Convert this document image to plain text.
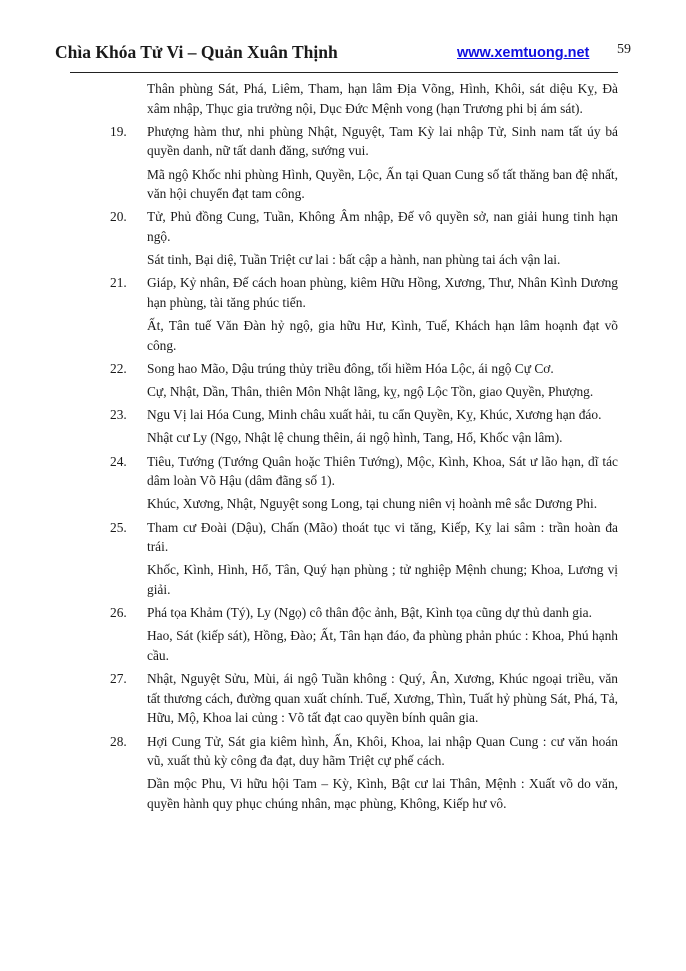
Chìa Khóa Tử Vi – Quản Xuân Thịnh	www.xemtuong.net 59

Thân phùng Sát, Phá, Liêm, Tham, hạn lâm Địa Võng, Hình, Khôi, sát diệu Kỵ, Đà xâm nhập, Thục gia trưởng nội, Dục Đức Mệnh vong (hạn Trương phi bị ám sát).

19. Phượng hàm thư, nhi phùng Nhật, Nguyệt, Tam Kỳ lai nhập Tử, Sinh nam tất úy bá quyền danh, nữ tất danh đăng, sướng vui.

Mã ngộ Khốc nhi phùng Hình, Quyền, Lộc, Ấn tại Quan Cung số tất thăng ban đệ nhất, văn hội chuyển đạt tam công.

20. Tử, Phủ đồng Cung, Tuần, Không Âm nhập, Đế vô quyền sở, nan giải hung tinh hạn ngộ.

Sát tinh, Bại diệ, Tuần Triệt cư lai : bất cập a hành, nan phùng tai ách vận lai.

21. Giáp, Kỷ nhân, Đế cách hoan phùng, kiêm Hữu Hồng, Xương, Thư, Nhân Kình Dương hạn phùng, tài tăng phúc tiến.

Ất, Tân tuế Văn Đàn hỷ ngộ, gia hữu Hư, Kình, Tuế, Khách hạn lâm hoạnh đạt võ công.

22. Song hao Mão, Dậu trúng thủy triều đông, tối hiềm Hóa Lộc, ái ngộ Cự Cơ.

Cự, Nhật, Dần, Thân, thiên Môn Nhật lãng, kỵ, ngộ Lộc Tồn, giao Quyền, Phượng.

23. Ngu Vị lai Hóa Cung, Minh châu xuất hải, tu cẩn Quyền, Kỵ, Khúc, Xương hạn đáo.

Nhật cư Ly (Ngọ, Nhật lệ chung thêin, ái ngộ hình, Tang, Hổ, Khốc vận lâm).

24. Tiêu, Tướng (Tướng Quân hoặc Thiên Tướng), Mộc, Kình, Khoa, Sát ư lão hạn, dĩ tác dâm loàn Võ Hậu (dâm đãng số 1).

Khúc, Xương, Nhật, Nguyệt song Long, tại chung niên vị hoành mê sắc Dương Phi.

25. Tham cư Đoài (Dậu), Chấn (Mão) thoát tục vi tăng, Kiếp, Kỵ lai sâm : trần hoàn đa trái.

Khốc, Kình, Hình, Hổ, Tân, Quý hạn phùng ; tử nghiệp Mệnh chung; Khoa, Lương vị giải.

26. Phá tọa Khảm (Tý), Ly (Ngọ) cô thân độc ảnh, Bật, Kình tọa cũng dự thủ danh gia.

Hao, Sát (kiếp sát), Hồng, Đào; Ất, Tân hạn đáo, đa phùng phản phúc : Khoa, Phú hạnh cầu.

27. Nhật, Nguyệt Sửu, Mùi, ái ngộ Tuần không : Quý, Ân, Xương, Khúc ngoại triều, văn tất thương cách, đường quan xuất chính. Tuế, Xương, Thìn, Tuất hỷ phùng Sát, Phá, Tả, Hữu, Mộ, Khoa lai củng : Võ tất đạt cao quyền bính quân gia.

28. Hợi Cung Tử, Sát gia kiêm hình, Ấn, Khôi, Khoa, lai nhập Quan Cung : cư văn hoán vũ, xuất thủ kỳ công đa đạt, duy hãm Triệt cự phế cách.

Dần mộc Phu, Vi hữu hội Tam – Kỳ, Kình, Bật cư lai Thân, Mệnh : Xuất võ do văn, quyền hành quy phục chúng nhân, mạc phùng, Không, Kiếp hư vô.
